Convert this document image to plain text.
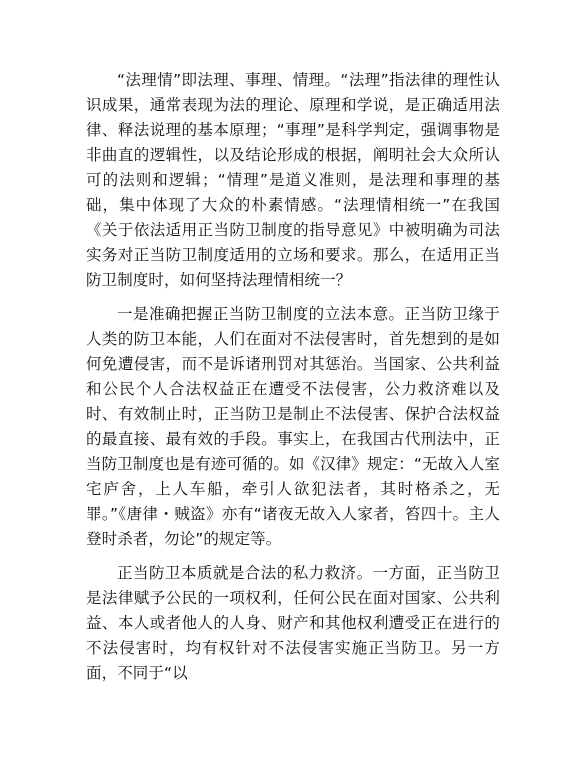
“法理情”即法理、事理、情理。“法理”指法律的理性认识成果，通常表现为法的理论、原理和学说，是正确适用法律、释法说理的基本原理；“事理”是科学判定，强调事物是非曲直的逻辑性，以及结论形成的根据，阐明社会大众所认可的法则和逻辑；“情理”是道义准则，是法理和事理的基础，集中体现了大众的朴素情感。“法理情相统一”在我国《关于依法适用正当防卫制度的指导意见》中被明确为司法实务对正当防卫制度适用的立场和要求。那么，在适用正当防卫制度时，如何坚持法理情相统一？

一是准确把握正当防卫制度的立法本意。正当防卫缘于人类的防卫本能，人们在面对不法侵害时，首先想到的是如何免遭侵害，而不是诉诸刑罚对其惩治。当国家、公共利益和公民个人合法权益正在遭受不法侵害，公力救济难以及时、有效制止时，正当防卫是制止不法侵害、保护合法权益的最直接、最有效的手段。事实上，在我国古代刑法中，正当防卫制度也是有迹可循的。如《汉律》规定：“无故入人室宅庐舍，上人车船，牵引人欲犯法者，其时格杀之，无罪。”《唐律・贼盗》亦有“诸夜无故入人家者，笞四十。主人登时杀者，勿论”的规定等。

正当防卫本质就是合法的私力救济。一方面，正当防卫是法律赋予公民的一项权利，任何公民在面对国家、公共利益、本人或者他人的人身、财产和其他权利遭受正在进行的不法侵害时，均有权针对不法侵害实施正当防卫。另一方面，不同于“以
